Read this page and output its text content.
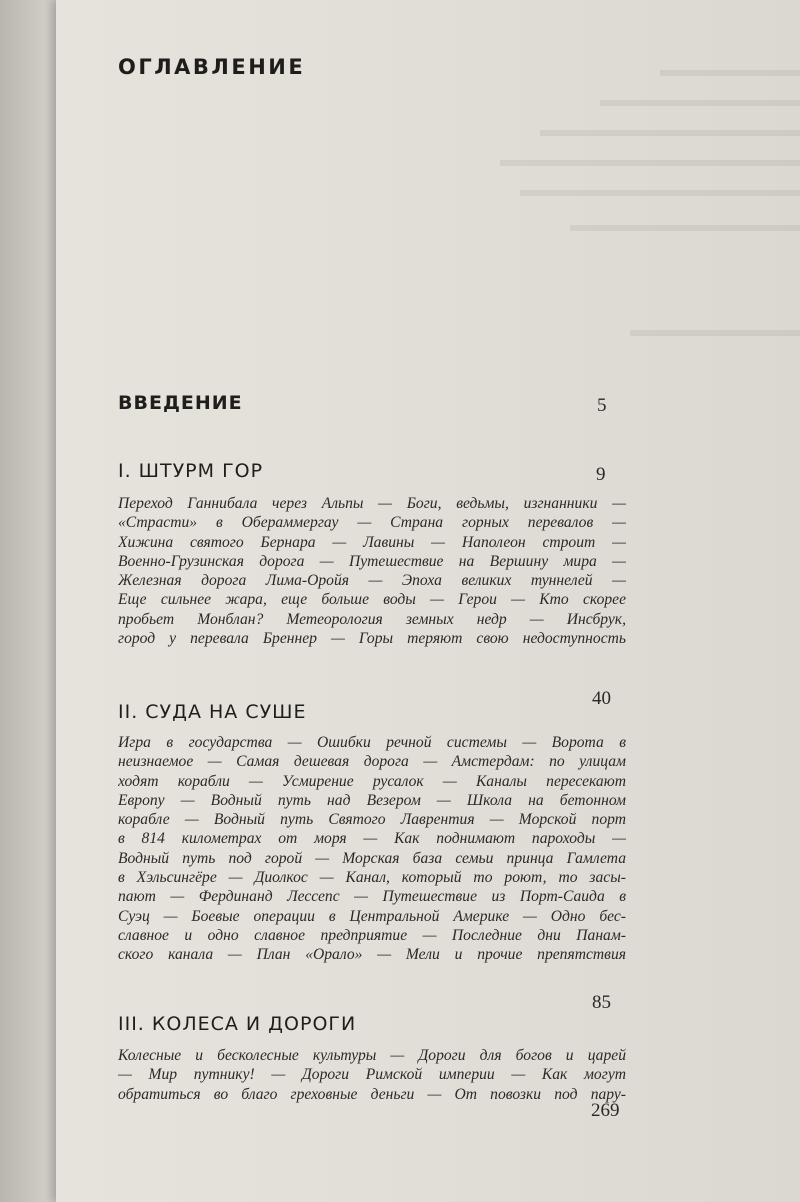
ОГЛАВЛЕНИЕ
ВВЕДЕНИЕ	5
I. ШТУРМ ГОР	9
Переход Ганнибала через Альпы — Боги, ведьмы, изгнанники —
«Страсти» в Обераммергау — Страна горных перевалов —
Хижина святого Бернара — Лавины — Наполеон строит —
Военно-Грузинская дорога — Путешествие на Вершину мира —
Железная дорога Лима-Оройя — Эпоха великих туннелей —
Еще сильнее жара, еще больше воды — Герои — Кто скорее
пробьет Монблан? Метеорология земных недр — Инсбрук,
город у перевала Бреннер — Горы теряют свою недоступность
40
II. СУДА НА СУШЕ
Игра в государства — Ошибки речной системы — Ворота в
неизнаемое — Самая дешевая дорога — Амстердам: по улицам
ходят корабли — Усмирение русалок — Каналы пересекают
Европу — Водный путь над Везером — Школа на бетонном
корабле — Водный путь Святого Лаврентия — Морской порт
в 814 километрах от моря — Как поднимают пароходы —
Водный путь под горой — Морская база семьи принца Гамлета
в Хэльсингёре — Диолкос — Канал, который то роют, то засы-
пают — Фердинанд Лессепс — Путешествие из Порт-Саида в
Суэц — Боевые операции в Центральной Америке — Одно бес-
славное и одно славное предприятие — Последние дни Панам-
ского канала — План «Орало» — Мели и прочие препятствия
85
III. КОЛЕСА И ДОРОГИ
Колесные и бесколесные культуры — Дороги для богов и царей
— Мир путнику! — Дороги Римской империи — Как могут
обратиться во благо греховные деньги — От повозки под пару-
269
